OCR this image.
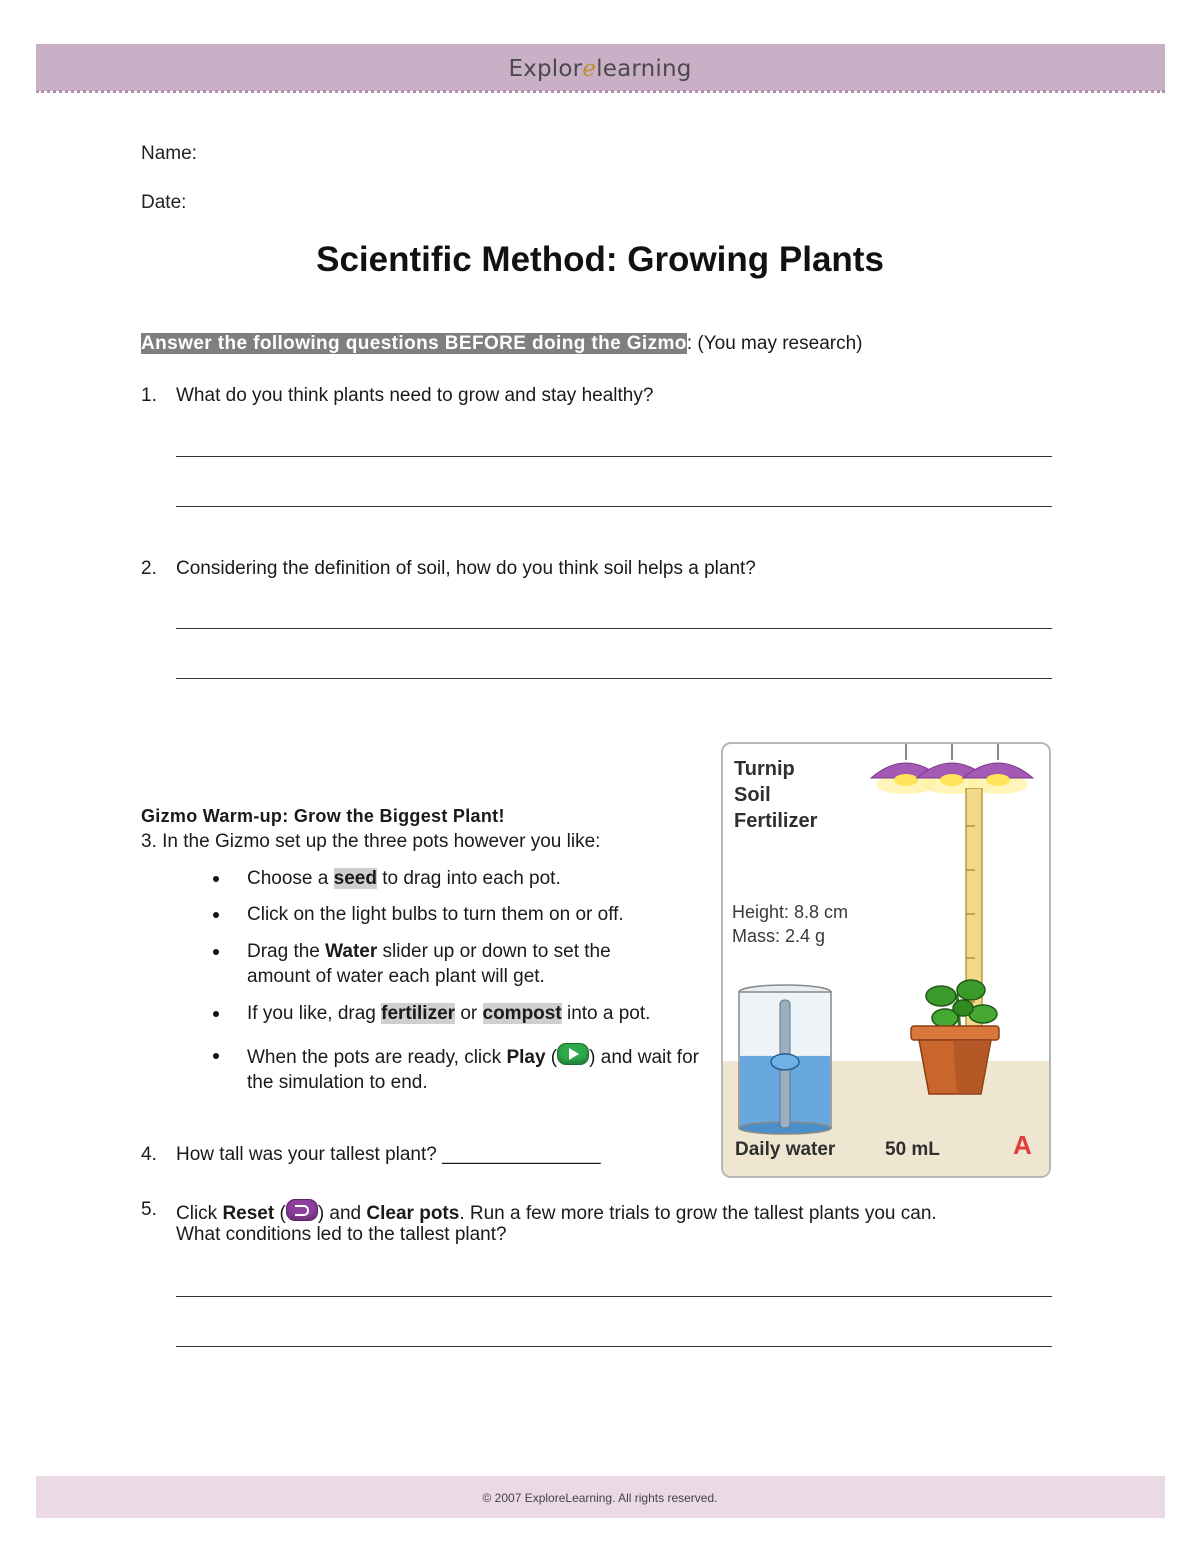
Explorelearning
Name:
Date:
Scientific Method: Growing Plants
Answer the following questions BEFORE doing the Gizmo: (You may research)
1. What do you think plants need to grow and stay healthy?
2. Considering the definition of soil, how do you think soil helps a plant?
Gizmo Warm-up: Grow the Biggest Plant!
3. In the Gizmo set up the three pots however you like:
Choose a seed to drag into each pot.
Click on the light bulbs to turn them on or off.
Drag the Water slider up or down to set the amount of water each plant will get.
If you like, drag fertilizer or compost into a pot.
When the pots are ready, click Play ( ) and wait for the simulation to end.
4. How tall was your tallest plant? _______________
5. Click Reset ( ) and Clear pots. Run a few more trials to grow the tallest plants you can.
What conditions led to the tallest plant?
Turnip
Soil
Fertilizer
Height: 8.8 cm
Mass: 2.4 g
Daily water	50 mL	A
© 2007 ExploreLearning. All rights reserved.
